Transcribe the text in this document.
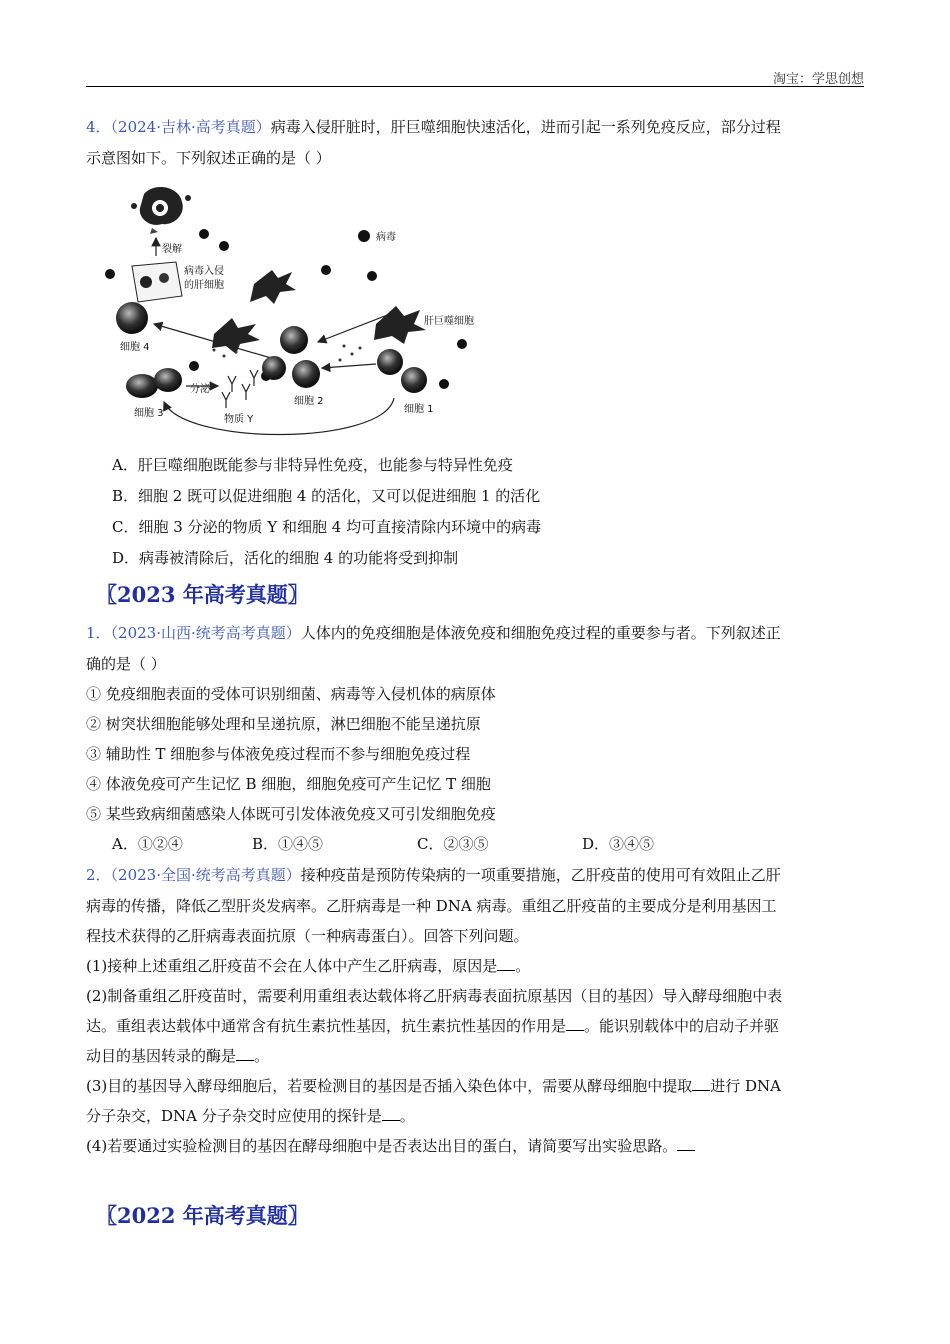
淘宝：学思创想

4．（2024·吉林·高考真题）病毒入侵肝脏时，肝巨噬细胞快速活化，进而引起一系列免疫反应，部分过程

示意图如下。下列叙述正确的是（ ）

裂解
病毒入侵
的肝细胞
病毒
肝巨噬细胞
细胞 4
细胞 2
细胞 1
细胞 3
分泌
物质 Y

A．肝巨噬细胞既能参与非特异性免疫，也能参与特异性免疫

B．细胞 2 既可以促进细胞 4 的活化，又可以促进细胞 1 的活化

C．细胞 3 分泌的物质 Y 和细胞 4 均可直接清除内环境中的病毒

D．病毒被清除后，活化的细胞 4 的功能将受到抑制

〖2023 年高考真题〗

1．（2023·山西·统考高考真题）人体内的免疫细胞是体液免疫和细胞免疫过程的重要参与者。下列叙述正

确的是（ ）

① 免疫细胞表面的受体可识别细菌、病毒等入侵机体的病原体

② 树突状细胞能够处理和呈递抗原，淋巴细胞不能呈递抗原

③ 辅助性 T 细胞参与体液免疫过程而不参与细胞免疫过程

④ 体液免疫可产生记忆 B 细胞，细胞免疫可产生记忆 T 细胞

⑤ 某些致病细菌感染人体既可引发体液免疫又可引发细胞免疫

A．①②④	B．①④⑤	C．②③⑤	D．③④⑤

2．（2023·全国·统考高考真题）接种疫苗是预防传染病的一项重要措施，乙肝疫苗的使用可有效阻止乙肝

病毒的传播，降低乙型肝炎发病率。乙肝病毒是一种 DNA 病毒。重组乙肝疫苗的主要成分是利用基因工

程技术获得的乙肝病毒表面抗原（一种病毒蛋白）。回答下列问题。

(1)接种上述重组乙肝疫苗不会在人体中产生乙肝病毒，原因是 。

(2)制备重组乙肝疫苗时，需要利用重组表达载体将乙肝病毒表面抗原基因（目的基因）导入酵母细胞中表

达。重组表达载体中通常含有抗生素抗性基因，抗生素抗性基因的作用是 。能识别载体中的启动子并驱

动目的基因转录的酶是 。

(3)目的基因导入酵母细胞后，若要检测目的基因是否插入染色体中，需要从酵母细胞中提取 进行 DNA

分子杂交，DNA 分子杂交时应使用的探针是 。

(4)若要通过实验检测目的基因在酵母细胞中是否表达出目的蛋白，请简要写出实验思路。

〖2022 年高考真题〗
